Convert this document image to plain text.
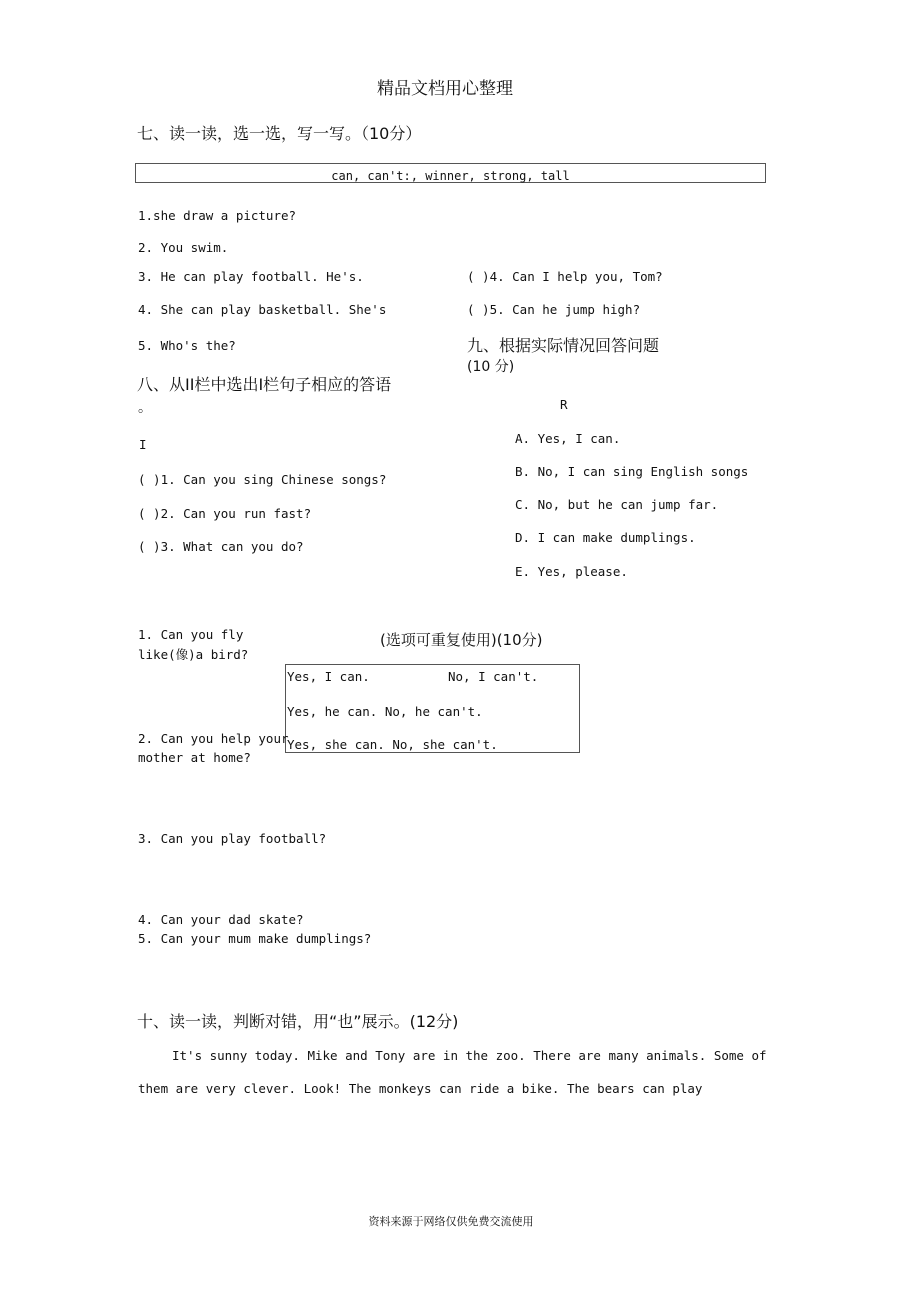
精品文档用心整理
七、读一读，选一选，写一写。（10分）
can, can't:, winner, strong, tall
1.she draw a picture?
2. You swim.
3. He can play football. He's.
4. She can play basketball. She's
5. Who's the?
八、从II栏中选出I栏句子相应的答语
。
I
( )1. Can you sing Chinese songs?
( )2. Can you run fast?
( )3. What can you do?
( )4. Can I help you, Tom?
( )5. Can he jump high?
R
A. Yes, I can.
B. No, I can sing English songs
C. No, but he can jump far.
D. I can make dumplings.
E. Yes, please.
九、根据实际情况回答问题
(10 分)
(选项可重复使用)(10分)
1. Can you fly
like(像)a bird?
Yes, I can.	No, I can't.
Yes, he can. No, he can't.
Yes, she can. No, she can't.
2. Can you help your
mother at home?
3. Can you play football?
4. Can your dad skate?
5. Can your mum make dumplings?
十、读一读，判断对错，用“也”展示。(12分)
It's sunny today. Mike and Tony are in the zoo. There are many animals. Some of
them are very clever. Look! The monkeys can ride a bike. The bears can play
资料来源于网络仅供免费交流使用
